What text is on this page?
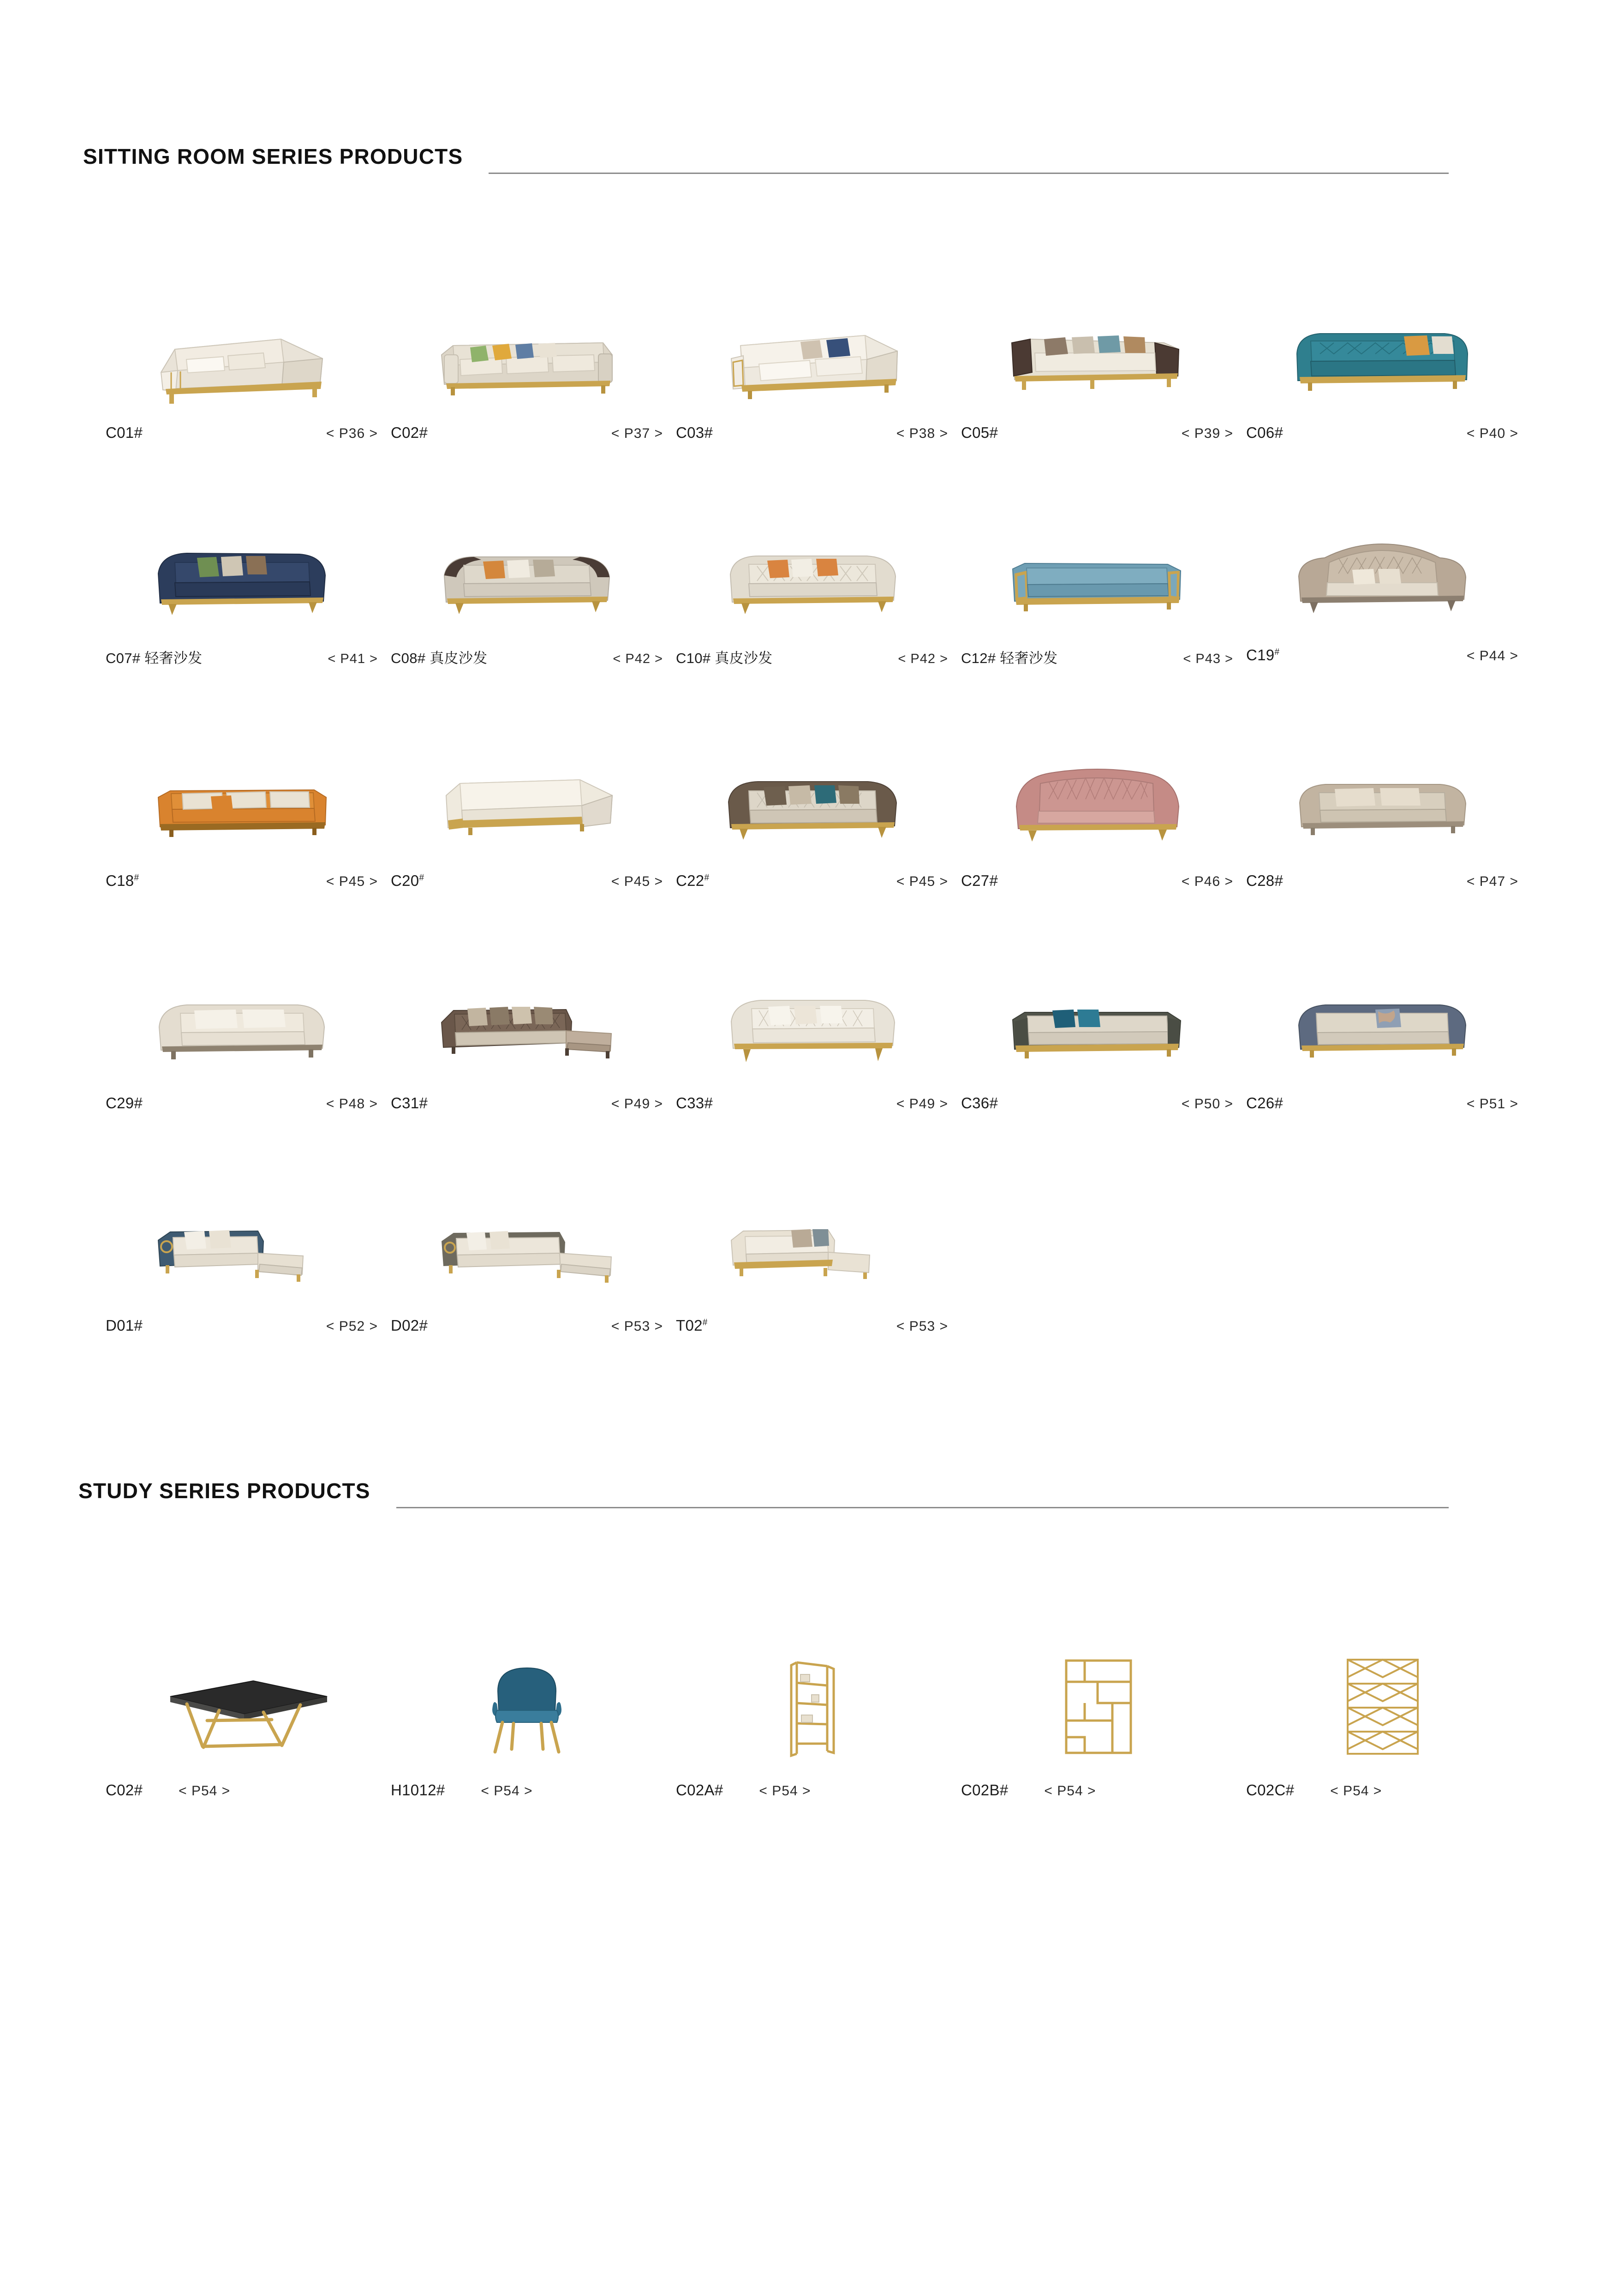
SITTING ROOM SERIES PRODUCTS
C01#	< P36 > C02#	< P37 > C03#	< P38 > C05#	< P39 > C06#	< P40 >
C07# 轻奢沙发	< P41 > C08# 真皮沙发	< P42 > C10# 真皮沙发	< P42 > C12# 轻奢沙发	< P43 > C19#	< P44 >
C18#	< P45 > C20#	< P45 > C22#	< P45 > C27#	< P46 > C28#	< P47 >
C29#	< P48 > C31#	< P49 > C33#	< P49 > C36#	< P50 > C26#	< P51 >
D01#	< P52 > D02#	< P53 > T02#	< P53 >
STUDY SERIES PRODUCTS
C02#	< P54 >	H1012#	< P54 >	C02A#	< P54 >	C02B#	< P54 >	C02C#	< P54 >
